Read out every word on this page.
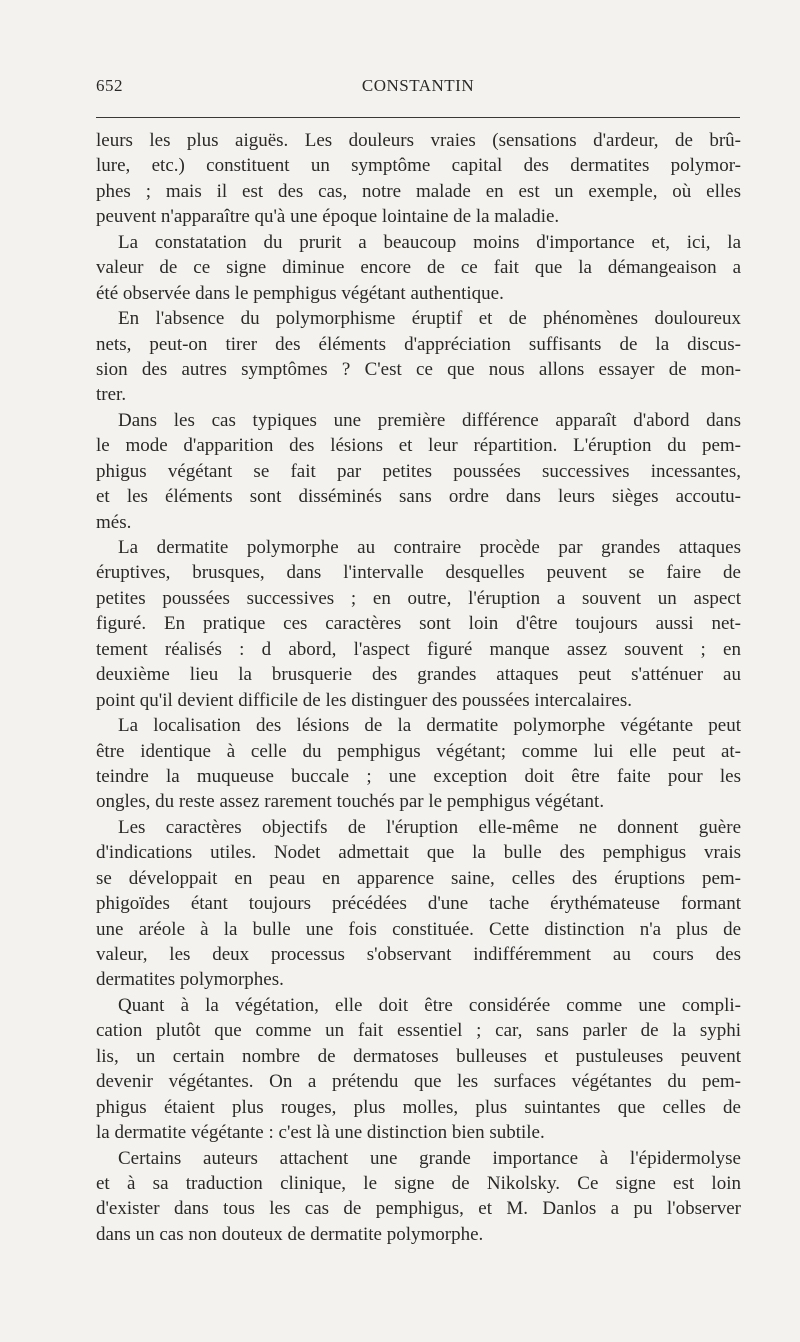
652	CONSTANTIN
leurs les plus aiguës. Les douleurs vraies (sensations d'ardeur, de brû-
lure, etc.) constituent un symptôme capital des dermatites polymor-
phes ; mais il est des cas, notre malade en est un exemple, où elles
peuvent n'apparaître qu'à une époque lointaine de la maladie.
La constatation du prurit a beaucoup moins d'importance et, ici, la
valeur de ce signe diminue encore de ce fait que la démangeaison a
été observée dans le pemphigus végétant authentique.
En l'absence du polymorphisme éruptif et de phénomènes douloureux
nets, peut-on tirer des éléments d'appréciation suffisants de la discus-
sion des autres symptômes ? C'est ce que nous allons essayer de mon-
trer.
Dans les cas typiques une première différence apparaît d'abord dans
le mode d'apparition des lésions et leur répartition. L'éruption du pem-
phigus végétant se fait par petites poussées successives incessantes,
et les éléments sont disséminés sans ordre dans leurs sièges accoutu-
més.
La dermatite polymorphe au contraire procède par grandes attaques
éruptives, brusques, dans l'intervalle desquelles peuvent se faire de
petites poussées successives ; en outre, l'éruption a souvent un aspect
figuré. En pratique ces caractères sont loin d'être toujours aussi net-
tement réalisés : d abord, l'aspect figuré manque assez souvent ; en
deuxième lieu la brusquerie des grandes attaques peut s'atténuer au
point qu'il devient difficile de les distinguer des poussées intercalaires.
La localisation des lésions de la dermatite polymorphe végétante peut
être identique à celle du pemphigus végétant; comme lui elle peut at-
teindre la muqueuse buccale ; une exception doit être faite pour les
ongles, du reste assez rarement touchés par le pemphigus végétant.
Les caractères objectifs de l'éruption elle-même ne donnent guère
d'indications utiles. Nodet admettait que la bulle des pemphigus vrais
se développait en peau en apparence saine, celles des éruptions pem-
phigoïdes étant toujours précédées d'une tache érythémateuse formant
une aréole à la bulle une fois constituée. Cette distinction n'a plus de
valeur, les deux processus s'observant indifféremment au cours des
dermatites polymorphes.
Quant à la végétation, elle doit être considérée comme une compli-
cation plutôt que comme un fait essentiel ; car, sans parler de la syphi
lis, un certain nombre de dermatoses bulleuses et pustuleuses peuvent
devenir végétantes. On a prétendu que les surfaces végétantes du pem-
phigus étaient plus rouges, plus molles, plus suintantes que celles de
la dermatite végétante : c'est là une distinction bien subtile.
Certains auteurs attachent une grande importance à l'épidermolyse
et à sa traduction clinique, le signe de Nikolsky. Ce signe est loin
d'exister dans tous les cas de pemphigus, et M. Danlos a pu l'observer
dans un cas non douteux de dermatite polymorphe.
